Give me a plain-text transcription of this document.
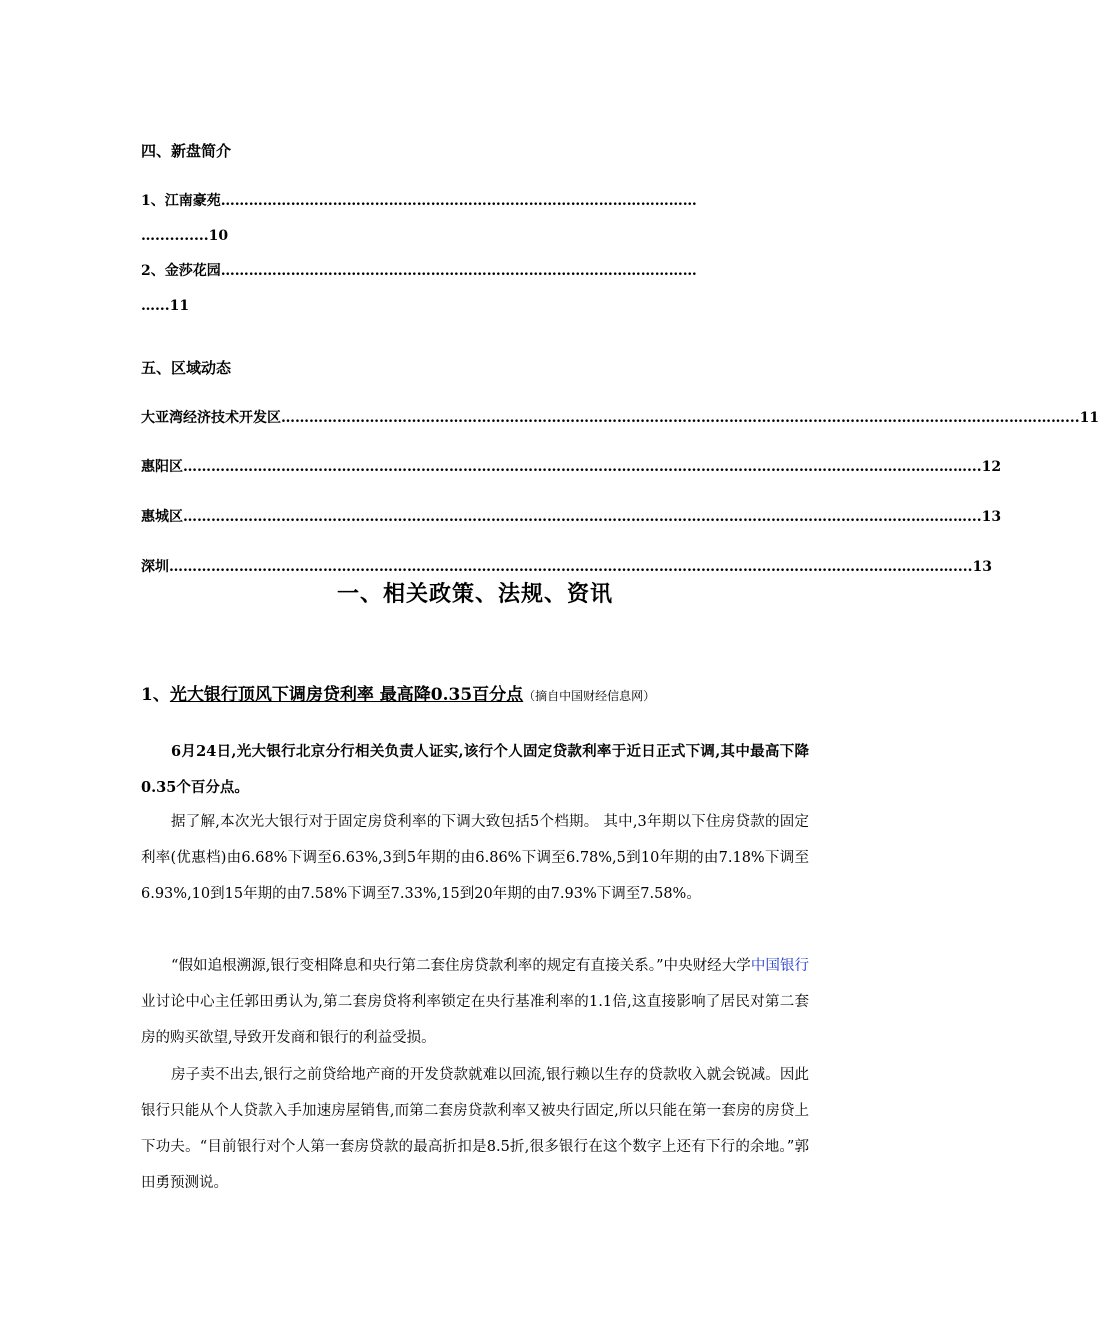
四、新盘简介
1、江南豪苑…………………………………………………………………………………………
…...........10
2、金莎花园…………………………………………………………………………………………
…...11
五、区域动态
大亚湾经济技术开发区 …………………………………………………………………………………………………………………………………………………… ...11
惠阳区 …………………………………………………………………………………………………………………………………………………… ...12
惠城区 …………………………………………………………………………………………………………………………………………………… ...13
深圳 …………………………………………………………………………………………………………………………………………………… ....13
一、相关政策、法规、资讯
1、光大银行顶风下调房贷利率 最高降0.35百分点（摘自中国财经信息网）
6月24日,光大银行北京分行相关负责人证实,该行个人固定贷款利率于近日正式下调,其中最高下降0.35个百分点。
据了解,本次光大银行对于固定房贷利率的下调大致包括5个档期。 其中,3年期以下住房贷款的固定利率(优惠档)由6.68%下调至6.63%,3到5年期的由6.86%下调至6.78%,5到10年期的由7.18%下调至6.93%,10到15年期的由7.58%下调至7.33%,15到20年期的由7.93%下调至7.58%。
“假如追根溯源,银行变相降息和央行第二套住房贷款利率的规定有直接关系。”中央财经大学中国银行业讨论中心主任郭田勇认为,第二套房贷将利率锁定在央行基准利率的1.1倍,这直接影响了居民对第二套房的购买欲望,导致开发商和银行的利益受损。
房子卖不出去,银行之前贷给地产商的开发贷款就难以回流,银行赖以生存的贷款收入就会锐减。因此银行只能从个人贷款入手加速房屋销售,而第二套房贷款利率又被央行固定,所以只能在第一套房的房贷上下功夫。“目前银行对个人第一套房贷款的最高折扣是8.5折,很多银行在这个数字上还有下行的余地。”郭田勇预测说。
